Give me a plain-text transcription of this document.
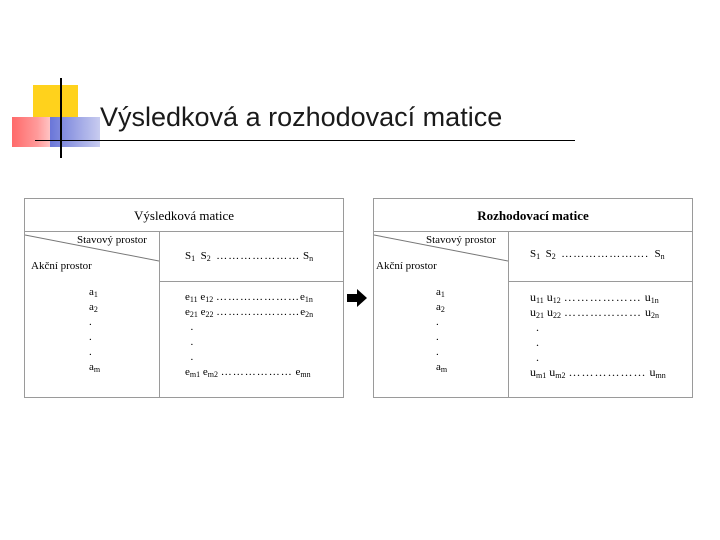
Výsledková a rozhodovací matice
Výsledková matice
Stavový prostor
Akční prostor
$S_1$ $S_2$ ………………… $S_n$
$a_1$
$a_2$
.
.
.
$a_m$
$e_{11}$ $e_{12}$ $\dots\dots\dots\dots\dots\dots\dots e_{1n}$
$e_{21}$ $e_{22}$ $\dots\dots\dots\dots\dots\dots\dots e_{2n}$
.
.
.
$e_{m1}$ $e_{m2}$ ……………… $e_{mn}$
Rozhodovací matice
Stavový prostor
Akční prostor
$S_1$ $S_2$ …………………. $S_n$
$a_1$
$a_2$
.
.
.
$a_m$
$u_{11}$ $u_{12}$ ……………… $u_{1n}$
$u_{21}$ $u_{22}$ ……………… $u_{2n}$
.
.
.
$u_{m1}$ $u_{m2}$ ……………… $u_{mn}$
